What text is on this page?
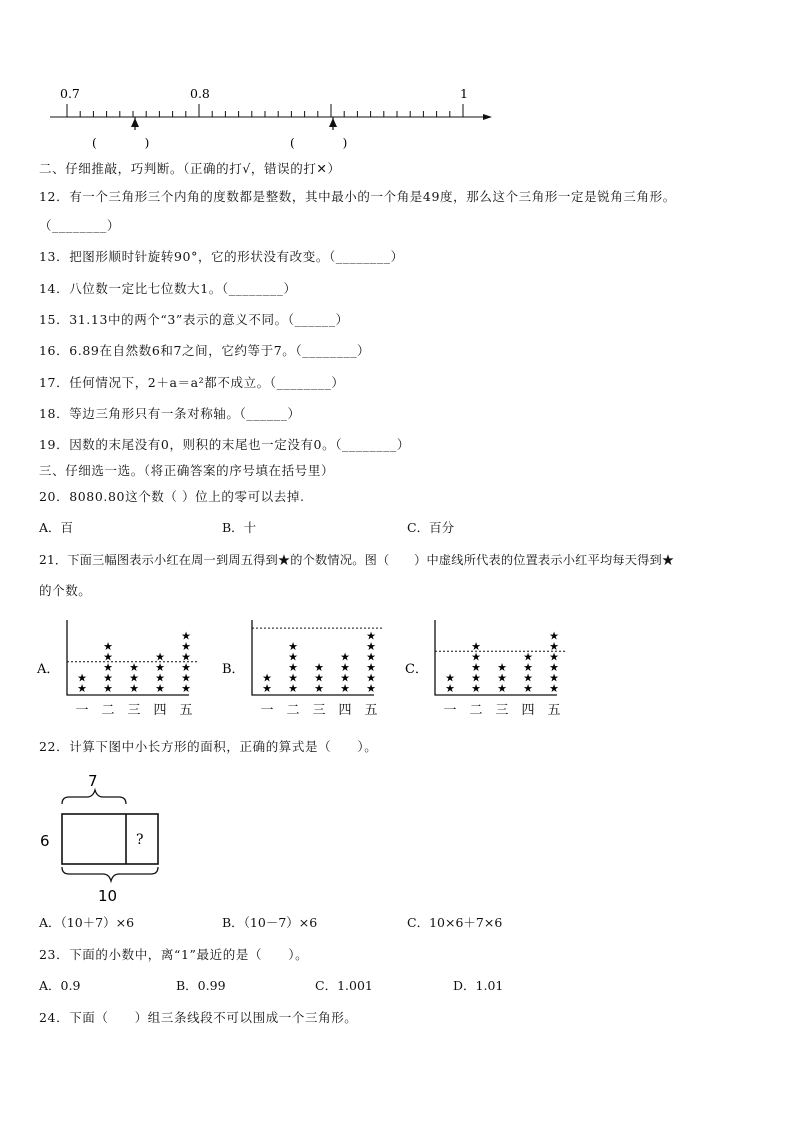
0.7	0.8	1
(　　　　)	(　　　　)
二、仔细推敲，巧判断。（正确的打√，错误的打✕）
12．有一个三角形三个内角的度数都是整数，其中最小的一个角是49度，那么这个三角形一定是锐角三角形。
（________）
13．把图形顺时针旋转90°，它的形状没有改变。（________）
14．八位数一定比七位数大1。（________）
15．31.13中的两个“3”表示的意义不同。（______）
16．6.89在自然数6和7之间，它约等于7。（________）
17．任何情况下，2＋a＝a²都不成立。（________）
18．等边三角形只有一条对称轴。（______）
19．因数的末尾没有0，则积的末尾也一定没有0。（________）
三、仔细选一选。（将正确答案的序号填在括号里）
20．8080.80这个数（ ）位上的零可以去掉.
A．百	B．十	C．百分
21．下面三幅图表示小红在周一到周五得到★的个数情况。图（　　）中虚线所代表的位置表示小红平均每天得到★
的个数。
A．
★
★
一
★
★
★
★
★
二
★
★
★
三
★
★
★
★
四
★
★
★
★
★
★
五
B．
★
★
一
★
★
★
★
★
二
★
★
★
三
★
★
★
★
四
★
★
★
★
★
★
五
C．
★
★
一
★
★
★
★
★
二
★
★
★
三
★
★
★
★
四
★
★
★
★
★
★
五
22．计算下图中小长方形的面积，正确的算式是（　　）。
7
?
6
10
A．（10＋7）×6	B．（10－7）×6	C．10×6＋7×6
23．下面的小数中，离“1”最近的是（　　）。
A．0.9	B．0.99	C．1.001	D．1.01
24．下面（　　）组三条线段不可以围成一个三角形。
